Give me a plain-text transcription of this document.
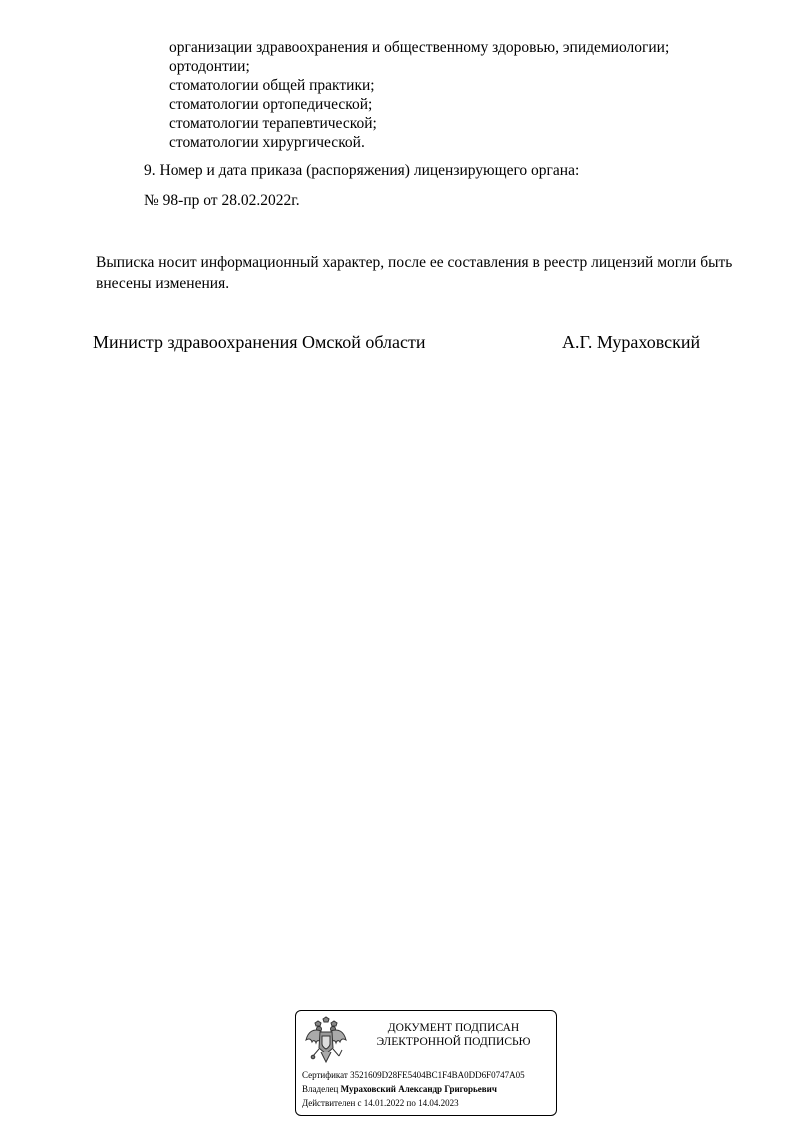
организации здравоохранения и общественному здоровью, эпидемиологии;
ортодонтии;
стоматологии общей практики;
стоматологии ортопедической;
стоматологии терапевтической;
стоматологии хирургической.
9. Номер и дата приказа (распоряжения) лицензирующего органа:
№ 98-пр от 28.02.2022г.
Выписка носит информационный характер, после ее составления в реестр лицензий могли быть внесены изменения.
Министр здравоохранения Омской области	А.Г. Мураховский
ДОКУМЕНТ ПОДПИСАН
ЭЛЕКТРОННОЙ ПОДПИСЬЮ
Сертификат 3521609D28FE5404BC1F4BA0DD6F0747A05
Владелец Мураховский Александр Григорьевич
Действителен с 14.01.2022 по 14.04.2023
